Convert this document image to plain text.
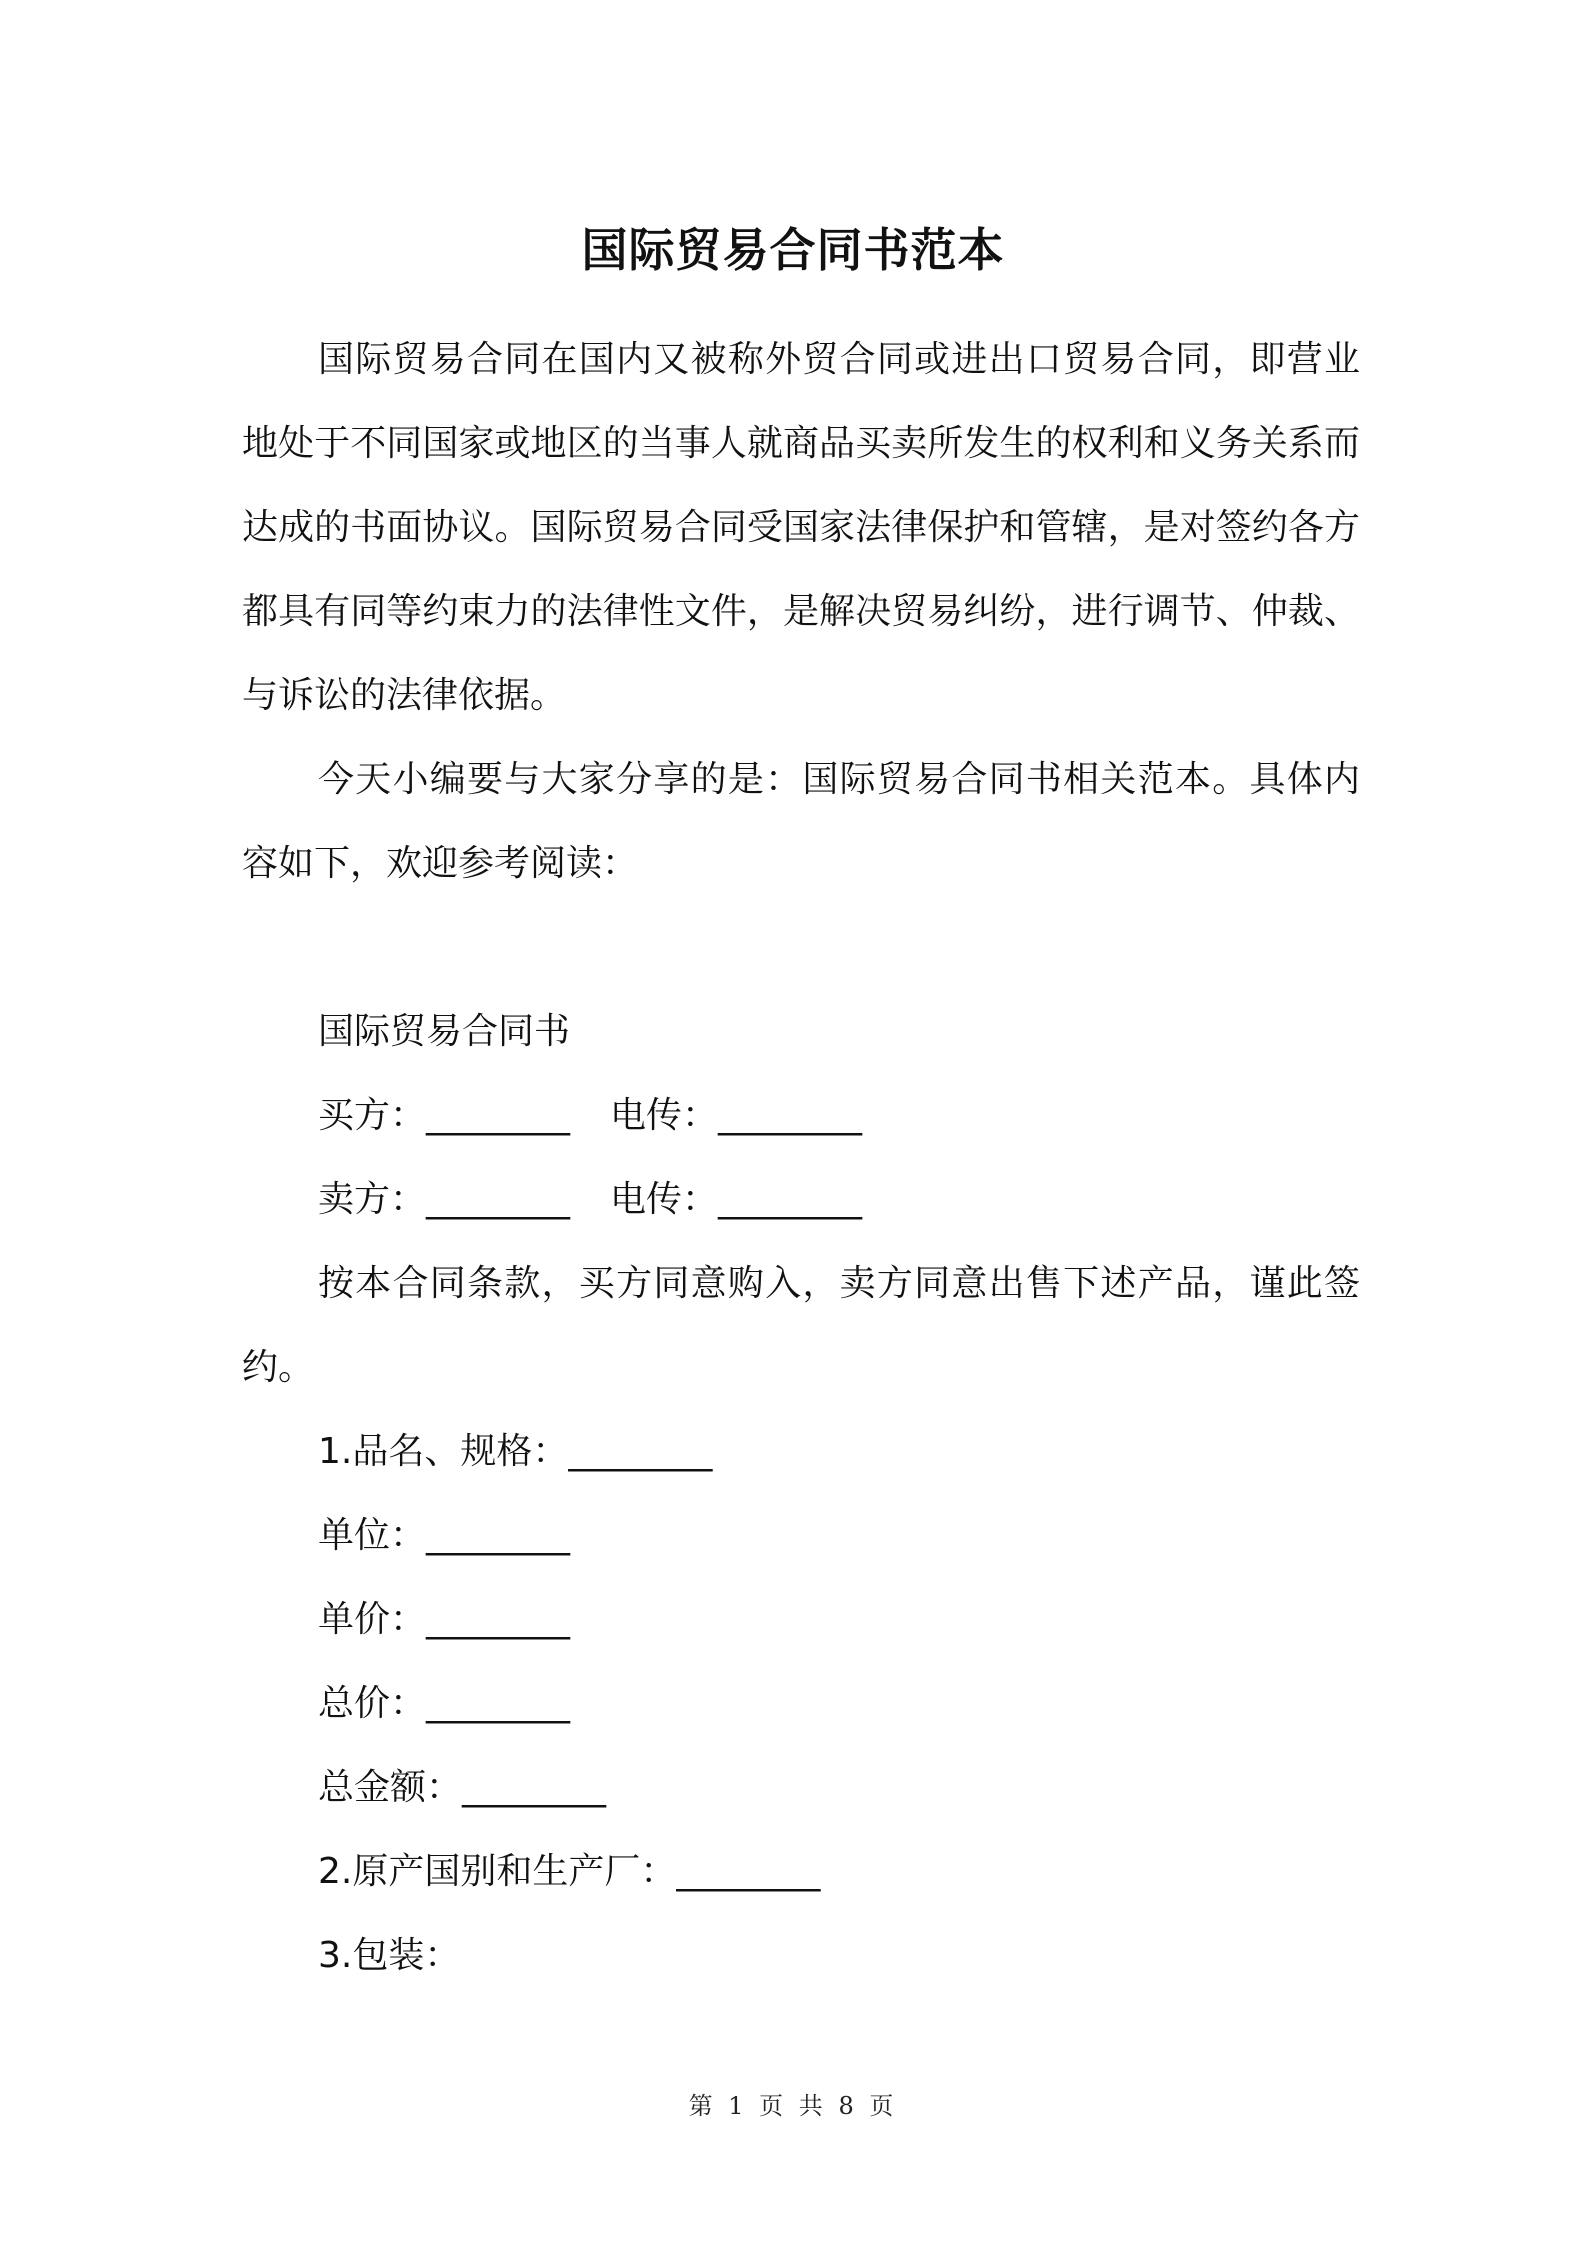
国际贸易合同书范本

国际贸易合同在国内又被称外贸合同或进出口贸易合同，即营业地处于不同国家或地区的当事人就商品买卖所发生的权利和义务关系而达成的书面协议。国际贸易合同受国家法律保护和管辖，是对签约各方都具有同等约束力的法律性文件，是解决贸易纠纷，进行调节、仲裁、与诉讼的法律依据。

今天小编要与大家分享的是：国际贸易合同书相关范本。具体内容如下，欢迎参考阅读：

国际贸易合同书

买方：________ 电传：________

卖方：________ 电传：________

按本合同条款，买方同意购入，卖方同意出售下述产品，谨此签约。

1.品名、规格：________

单位：________

单价：________

总价：________

总金额：________

2.原产国别和生产厂：________

3.包装：

第 1 页 共 8 页
